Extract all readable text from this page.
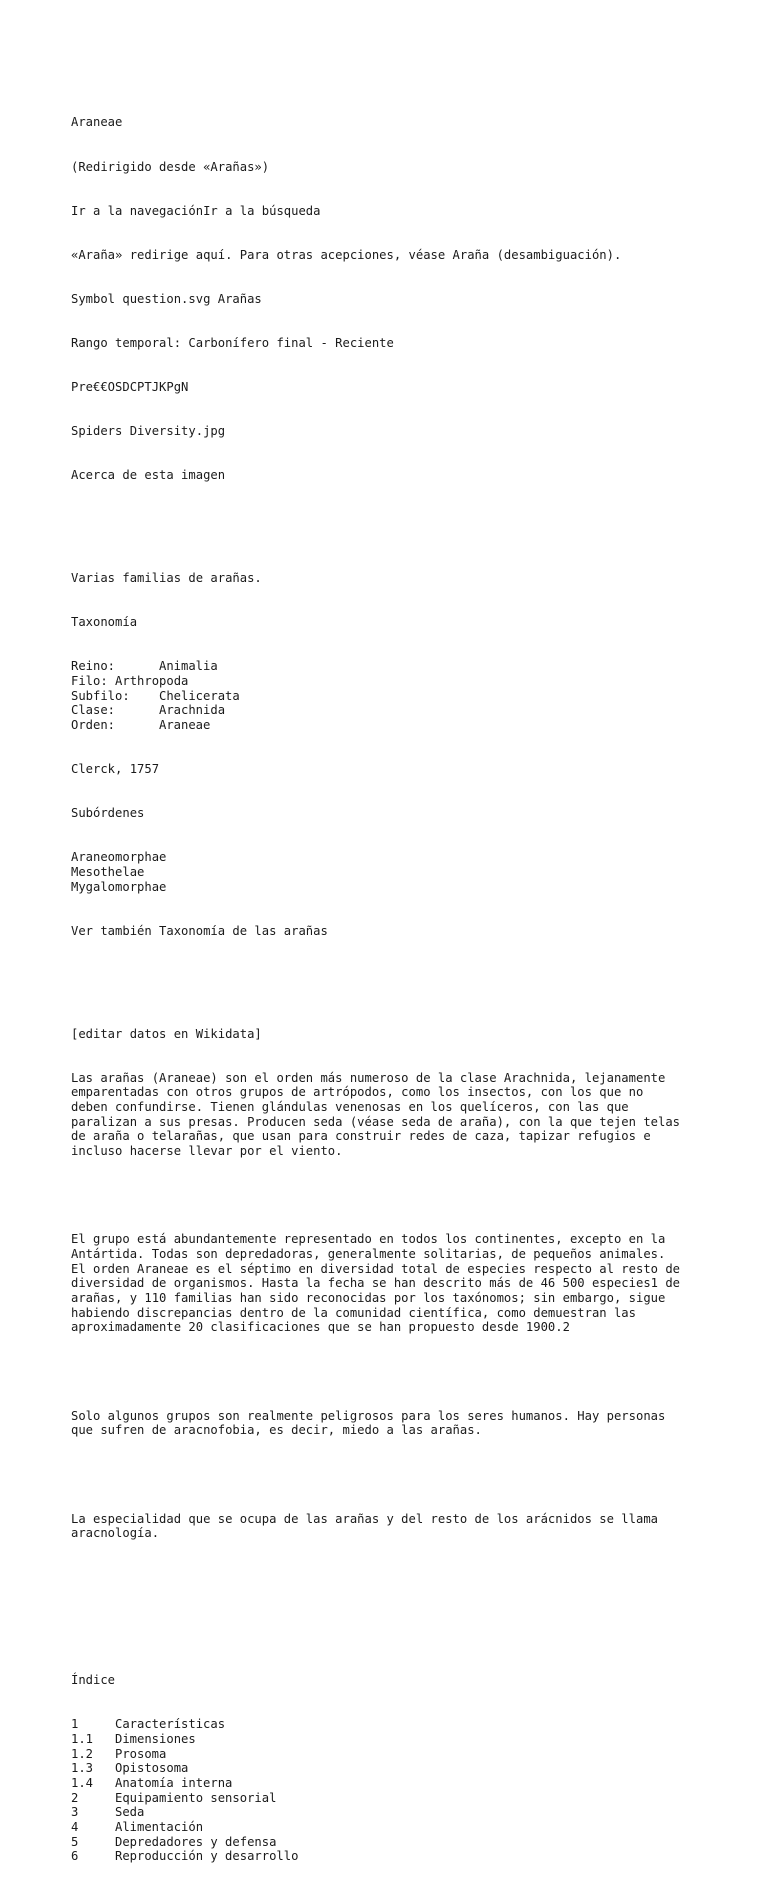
Araneae

(Redirigido desde «Arañas»)

Ir a la navegaciónIr a la búsqueda

«Araña» redirige aquí. Para otras acepciones, véase Araña (desambiguación).

Symbol question.svg Arañas

Rango temporal: Carbonífero final - Reciente

Pre€€OSDCPTJKPgN

Spiders Diversity.jpg

Acerca de esta imagen

Varias familias de arañas.

Taxonomía

Reino:	Animalia
Filo: Arthropoda
Subfilo: Chelicerata
Clase:	Arachnida
Orden:	Araneae

Clerck, 1757

Subórdenes

Araneomorphae
Mesothelae
Mygalomorphae

Ver también Taxonomía de las arañas

[editar datos en Wikidata]

Las arañas (Araneae) son el orden más numeroso de la clase Arachnida, lejanamente
emparentadas con otros grupos de artrópodos, como los insectos, con los que no
deben confundirse. Tienen glándulas venenosas en los quelíceros, con las que
paralizan a sus presas. Producen seda (véase seda de araña), con la que tejen telas
de araña o telarañas, que usan para construir redes de caza, tapizar refugios e
incluso hacerse llevar por el viento.

El grupo está abundantemente representado en todos los continentes, excepto en la
Antártida. Todas son depredadoras, generalmente solitarias, de pequeños animales.
El orden Araneae es el séptimo en diversidad total de especies respecto al resto de
diversidad de organismos. Hasta la fecha se han descrito más de 46 500 especies1 de
arañas, y 110 familias han sido reconocidas por los taxónomos; sin embargo, sigue
habiendo discrepancias dentro de la comunidad científica, como demuestran las
aproximadamente 20 clasificaciones que se han propuesto desde 1900.2

Solo algunos grupos son realmente peligrosos para los seres humanos. Hay personas
que sufren de aracnofobia, es decir, miedo a las arañas.

La especialidad que se ocupa de las arañas y del resto de los arácnidos se llama
aracnología.

Índice

1	Características
1.1 Dimensiones
1.2 Prosoma
1.3 Opistosoma
1.4 Anatomía interna
2	Equipamiento sensorial
3	Seda
4	Alimentación
5	Depredadores y defensa
6	Reproducción y desarrollo
